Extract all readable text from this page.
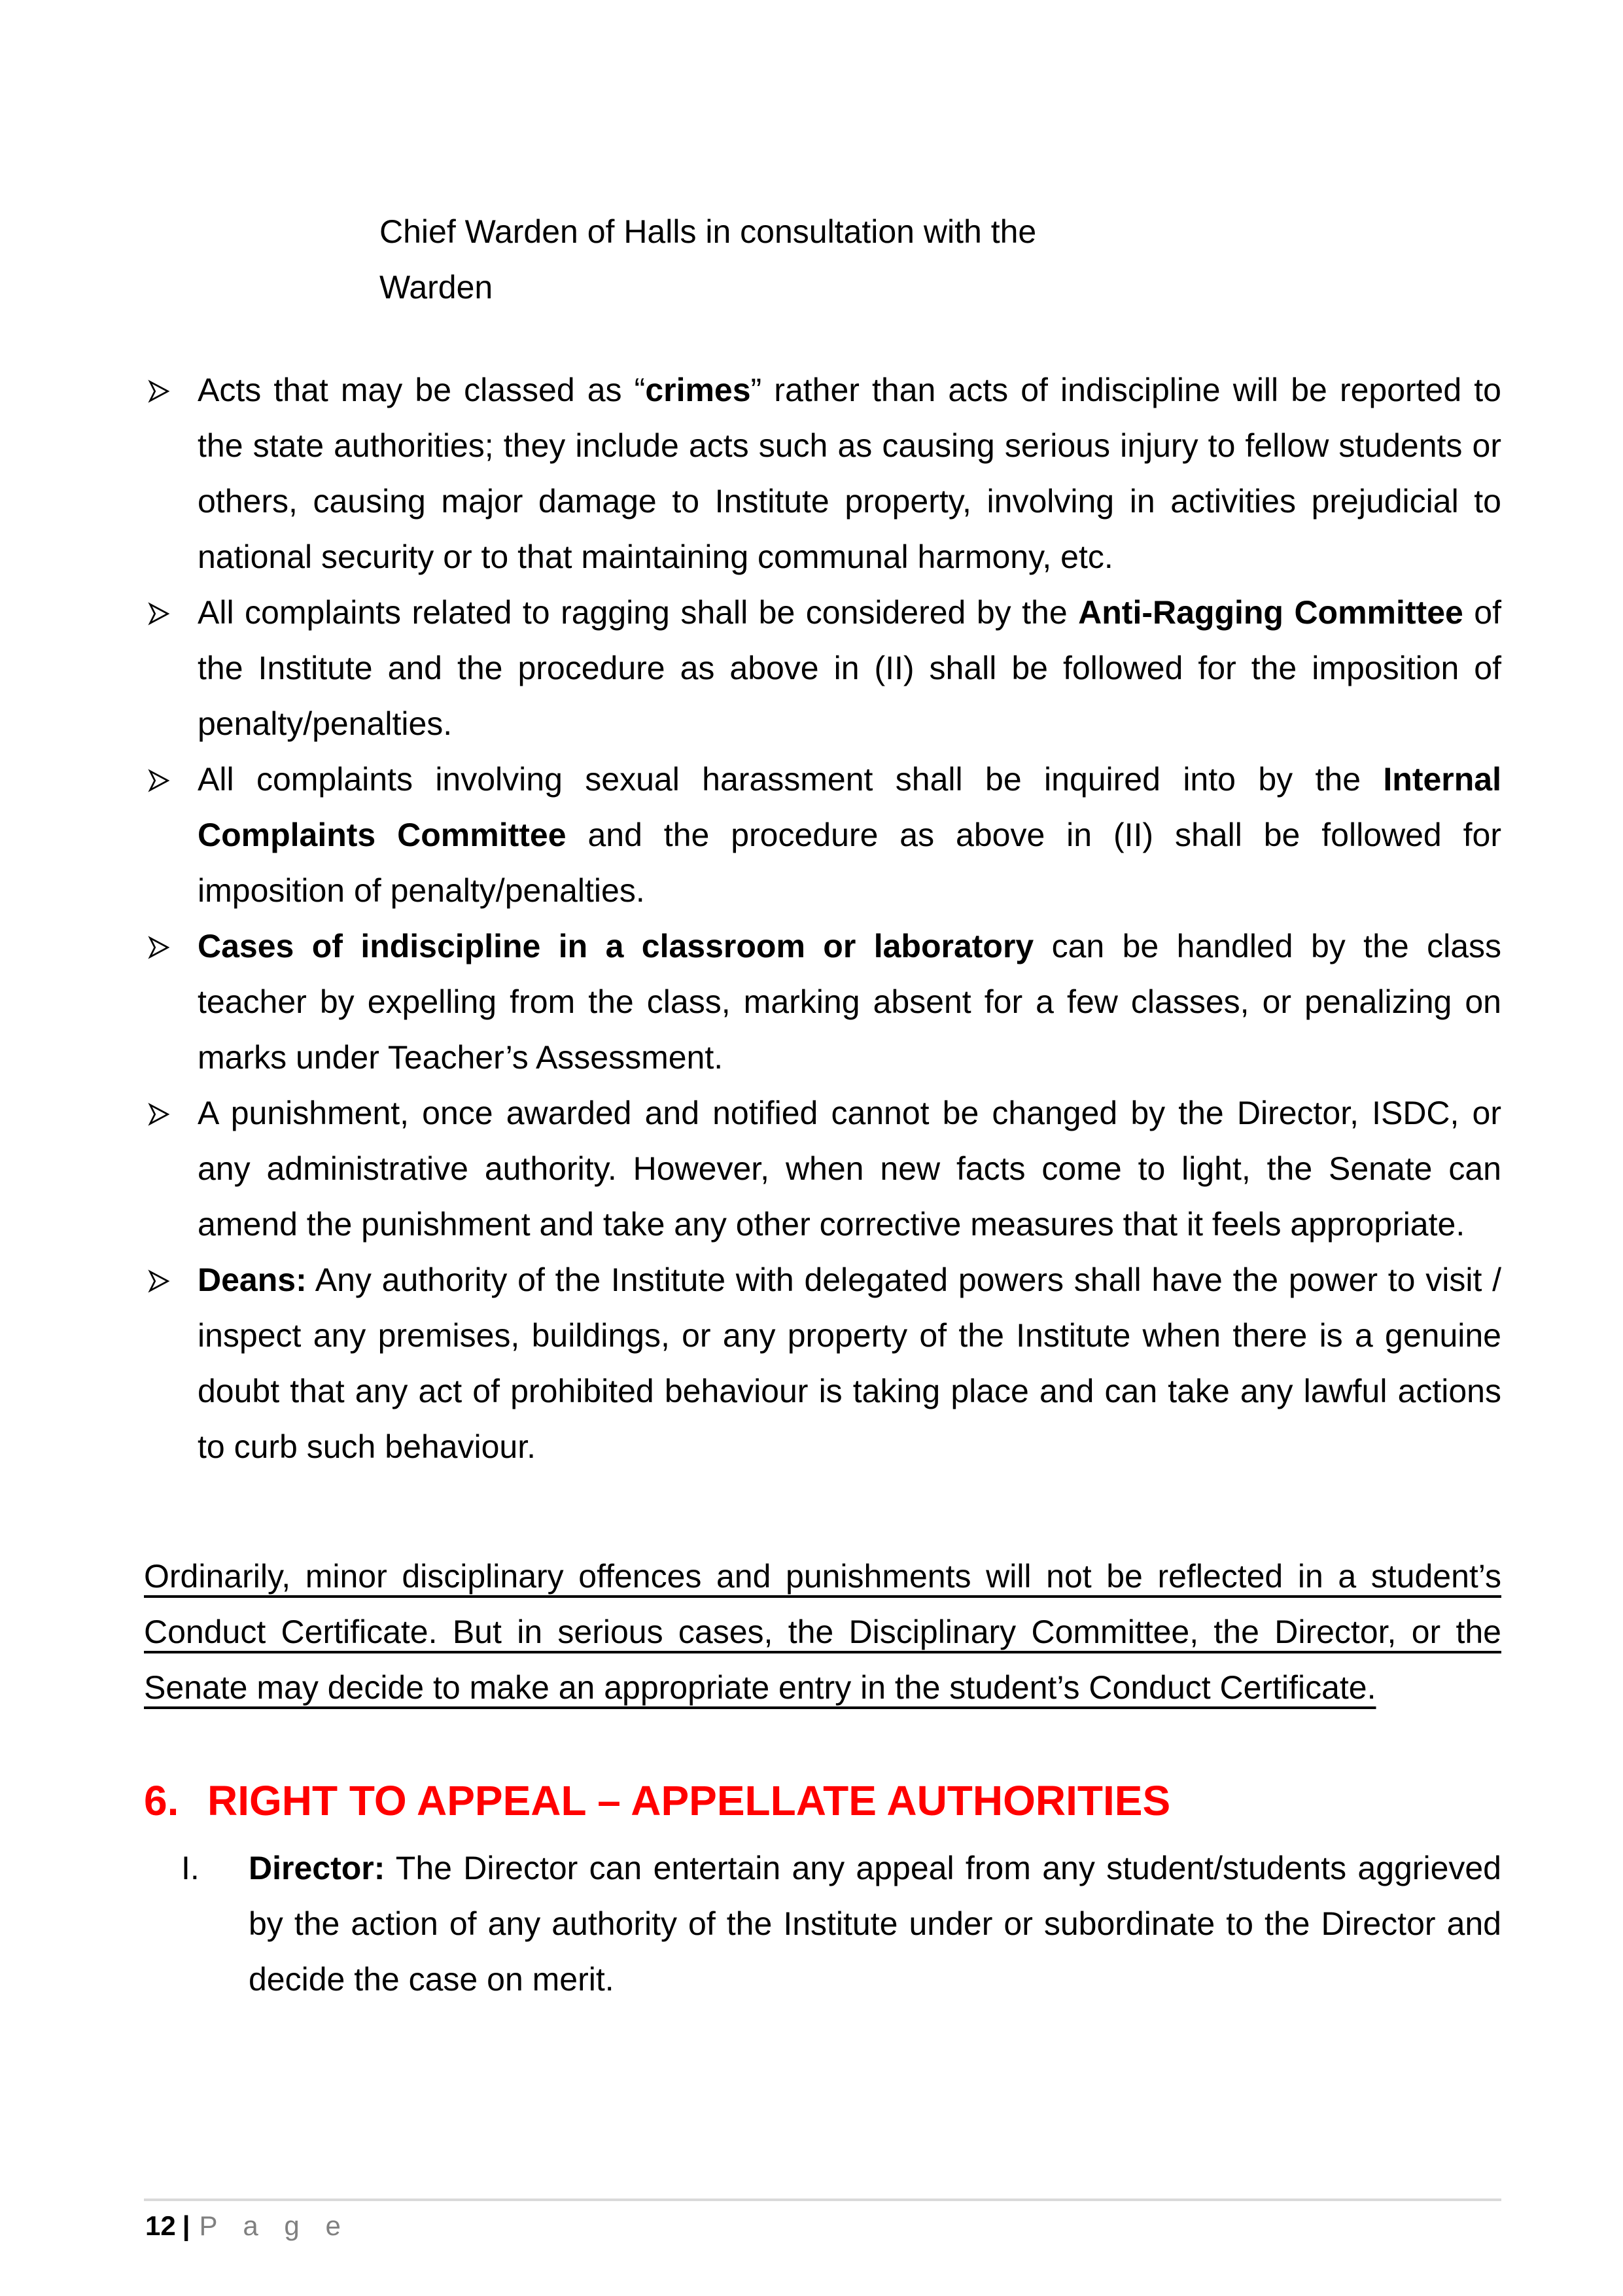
Chief Warden of Halls in consultation with the
Warden

Acts that may be classed as “crimes” rather than acts of indiscipline will be reported to the state authorities; they include acts such as causing serious injury to fellow students or others, causing major damage to Institute property, involving in activities prejudicial to national security or to that maintaining communal harmony, etc.
All complaints related to ragging shall be considered by the Anti-Ragging Committee of the Institute and the procedure as above in (II) shall be followed for the imposition of penalty/penalties.
All complaints involving sexual harassment shall be inquired into by the Internal Complaints Committee and the procedure as above in (II) shall be followed for imposition of penalty/penalties.
Cases of indiscipline in a classroom or laboratory can be handled by the class teacher by expelling from the class, marking absent for a few classes, or penalizing on marks under Teacher’s Assessment.
A punishment, once awarded and notified cannot be changed by the Director, ISDC, or any administrative authority. However, when new facts come to light, the Senate can amend the punishment and take any other corrective measures that it feels appropriate.
Deans: Any authority of the Institute with delegated powers shall have the power to visit / inspect any premises, buildings, or any property of the Institute when there is a genuine doubt that any act of prohibited behaviour is taking place and can take any lawful actions to curb such behaviour.

Ordinarily, minor disciplinary offences and punishments will not be reflected in a student’s Conduct Certificate. But in serious cases, the Disciplinary Committee, the Director, or the Senate may decide to make an appropriate entry in the student’s Conduct Certificate.

6. RIGHT TO APPEAL – APPELLATE AUTHORITIES
I. Director: The Director can entertain any appeal from any student/students aggrieved by the action of any authority of the Institute under or subordinate to the Director and decide the case on merit.
12 | P a g e
